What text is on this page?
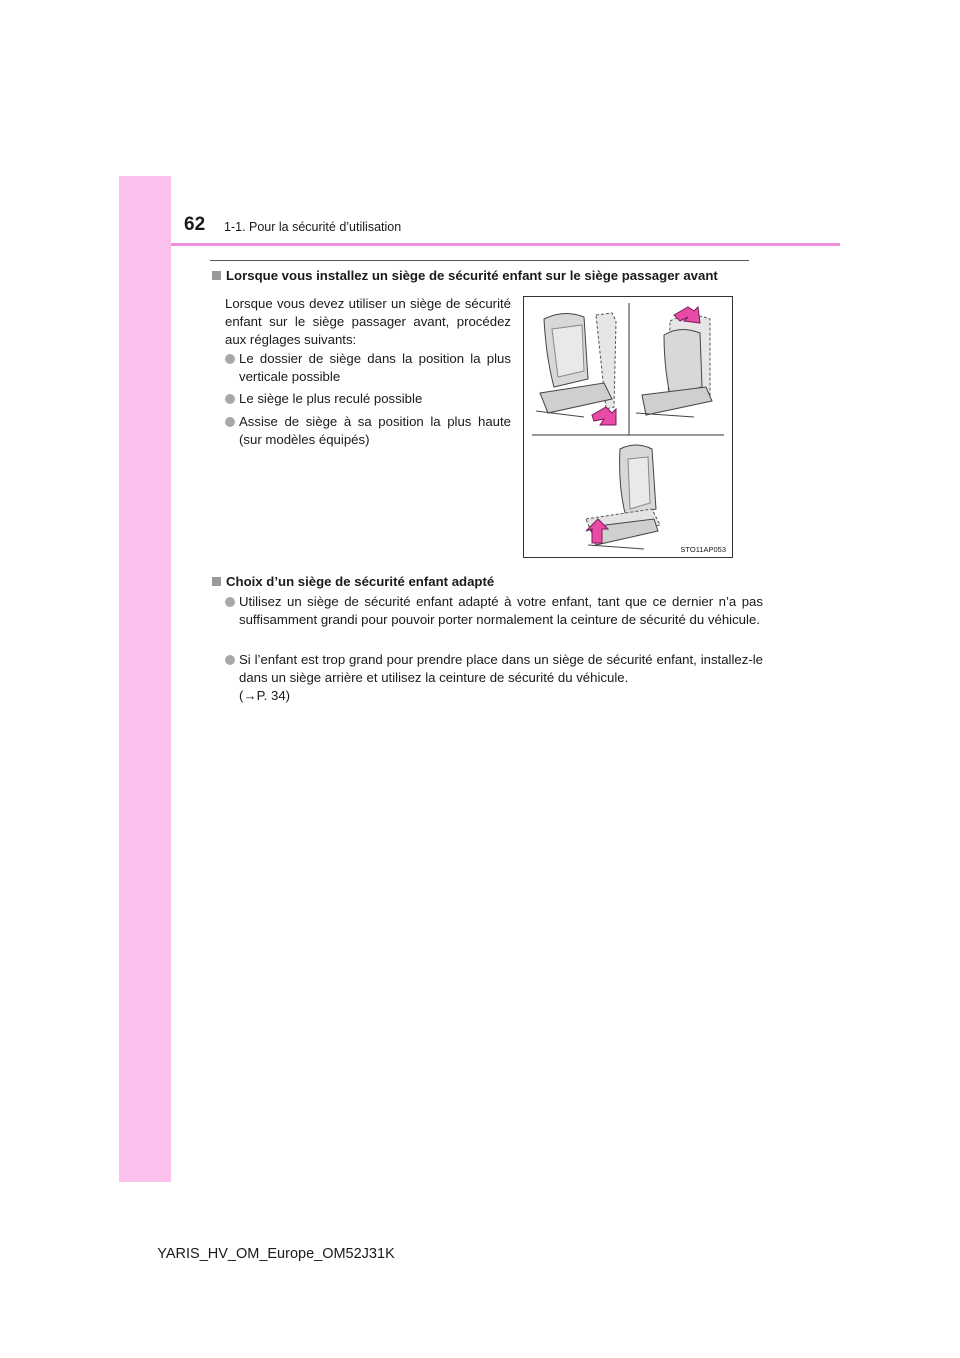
62 1-1. Pour la sécurité d’utilisation

Lorsque vous installez un siège de sécurité enfant sur le siège passager avant

Lorsque vous devez utiliser un siège de sécurité enfant sur le siège passager avant, procédez aux réglages suivants:

Le dossier de siège dans la position la plus verticale possible
Le siège le plus reculé possible
Assise de siège à sa position la plus haute (sur modèles équipés)
STO11AP053

Choix d’un siège de sécurité enfant adapté

Utilisez un siège de sécurité enfant adapté à votre enfant, tant que ce dernier n’a pas suffisamment grandi pour pouvoir porter normalement la ceinture de sécurité du véhicule.
Si l’enfant est trop grand pour prendre place dans un siège de sécurité enfant, installez-le dans un siège arrière et utilisez la ceinture de sécurité du véhicule.
(→P. 34)

YARIS_HV_OM_Europe_OM52J31K
